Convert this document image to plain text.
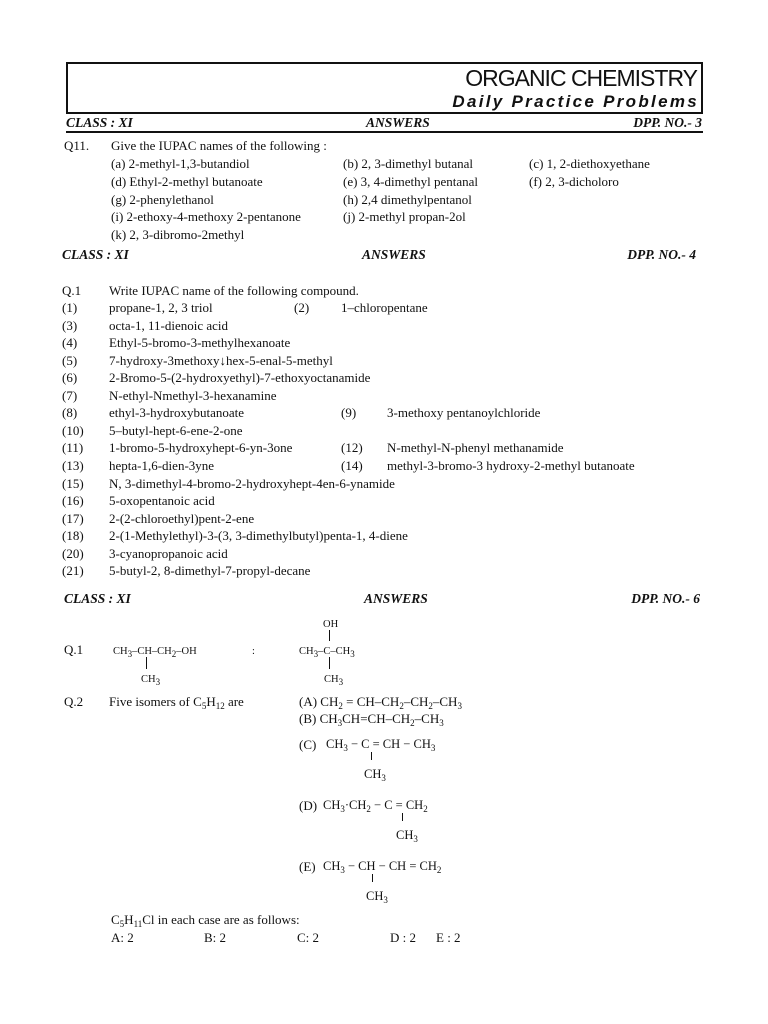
ORGANIC CHEMISTRY
Daily Practice Problems
CLASS : XI	ANSWERS	DPP. NO.- 3
Q11. Give the IUPAC names of the following :
(a) 2-methyl-1,3-butandiol	(b) 2, 3-dimethyl butanal	(c) 1, 2-diethoxyethane
(d) Ethyl-2-methyl butanoate	(e) 3, 4-dimethyl pentanal	(f) 2, 3-dicholoro
(g) 2-phenylethanol	(h) 2,4 dimethylpentanol
(i) 2-ethoxy-4-methoxy 2-pentanone	(j) 2-methyl propan-2ol
(k) 2, 3-dibromo-2methyl
CLASS : XI	ANSWERS	DPP. NO.- 4
Q.1 Write IUPAC name of the following compound.
(1) propane-1, 2, 3 triol	(2) 1–chloropentane
(3) octa-1, 11-dienoic acid
(4) Ethyl-5-bromo-3-methylhexanoate
(5) 7-hydroxy-3methoxy↓hex-5-enal-5-methyl
(6) 2-Bromo-5-(2-hydroxyethyl)-7-ethoxyoctanamide
(7) N-ethyl-Nmethyl-3-hexanamine
(8) ethyl-3-hydroxybutanoate	(9) 3-methoxy pentanoylchloride
(10) 5–butyl-hept-6-ene-2-one
(11) 1-bromo-5-hydroxyhept-6-yn-3one	(12) N-methyl-N-phenyl methanamide
(13) hepta-1,6-dien-3yne	(14) methyl-3-bromo-3 hydroxy-2-methyl butanoate
(15) N, 3-dimethyl-4-bromo-2-hydroxyhept-4en-6-ynamide
(16) 5-oxopentanoic acid
(17) 2-(2-chloroethyl)pent-2-ene
(18) 2-(1-Methylethyl)-3-(3, 3-dimethylbutyl)penta-1, 4-diene
(20) 3-cyanopropanoic acid
(21) 5-butyl-2, 8-dimethyl-7-propyl-decane
CLASS : XI	ANSWERS	DPP. NO.- 6
Q.1	$CH_3-CH-CH_2-OH$
$CH_3$
:
OH
$CH_3-C-CH_3$
$CH_3$
Q.2 Five isomers of $C_5H_{12}$ are	(A) $CH_2 = CH-CH_2-CH_2-CH_3$
(B) $CH_3CH=CH-CH_2-CH_3$
(C) $CH_3 - C$ = CH − $CH_3$
$CH_3$
(D) $CH_3\cdot CH_2 - C = CH_2$
$CH_3$
(E) $CH_3$ − CH − CH = $CH_2$
$CH_3$
$C_5H_{11}Cl$ in each case are as follows:
A: 2	B: 2	C: 2	D : 2 E : 2
